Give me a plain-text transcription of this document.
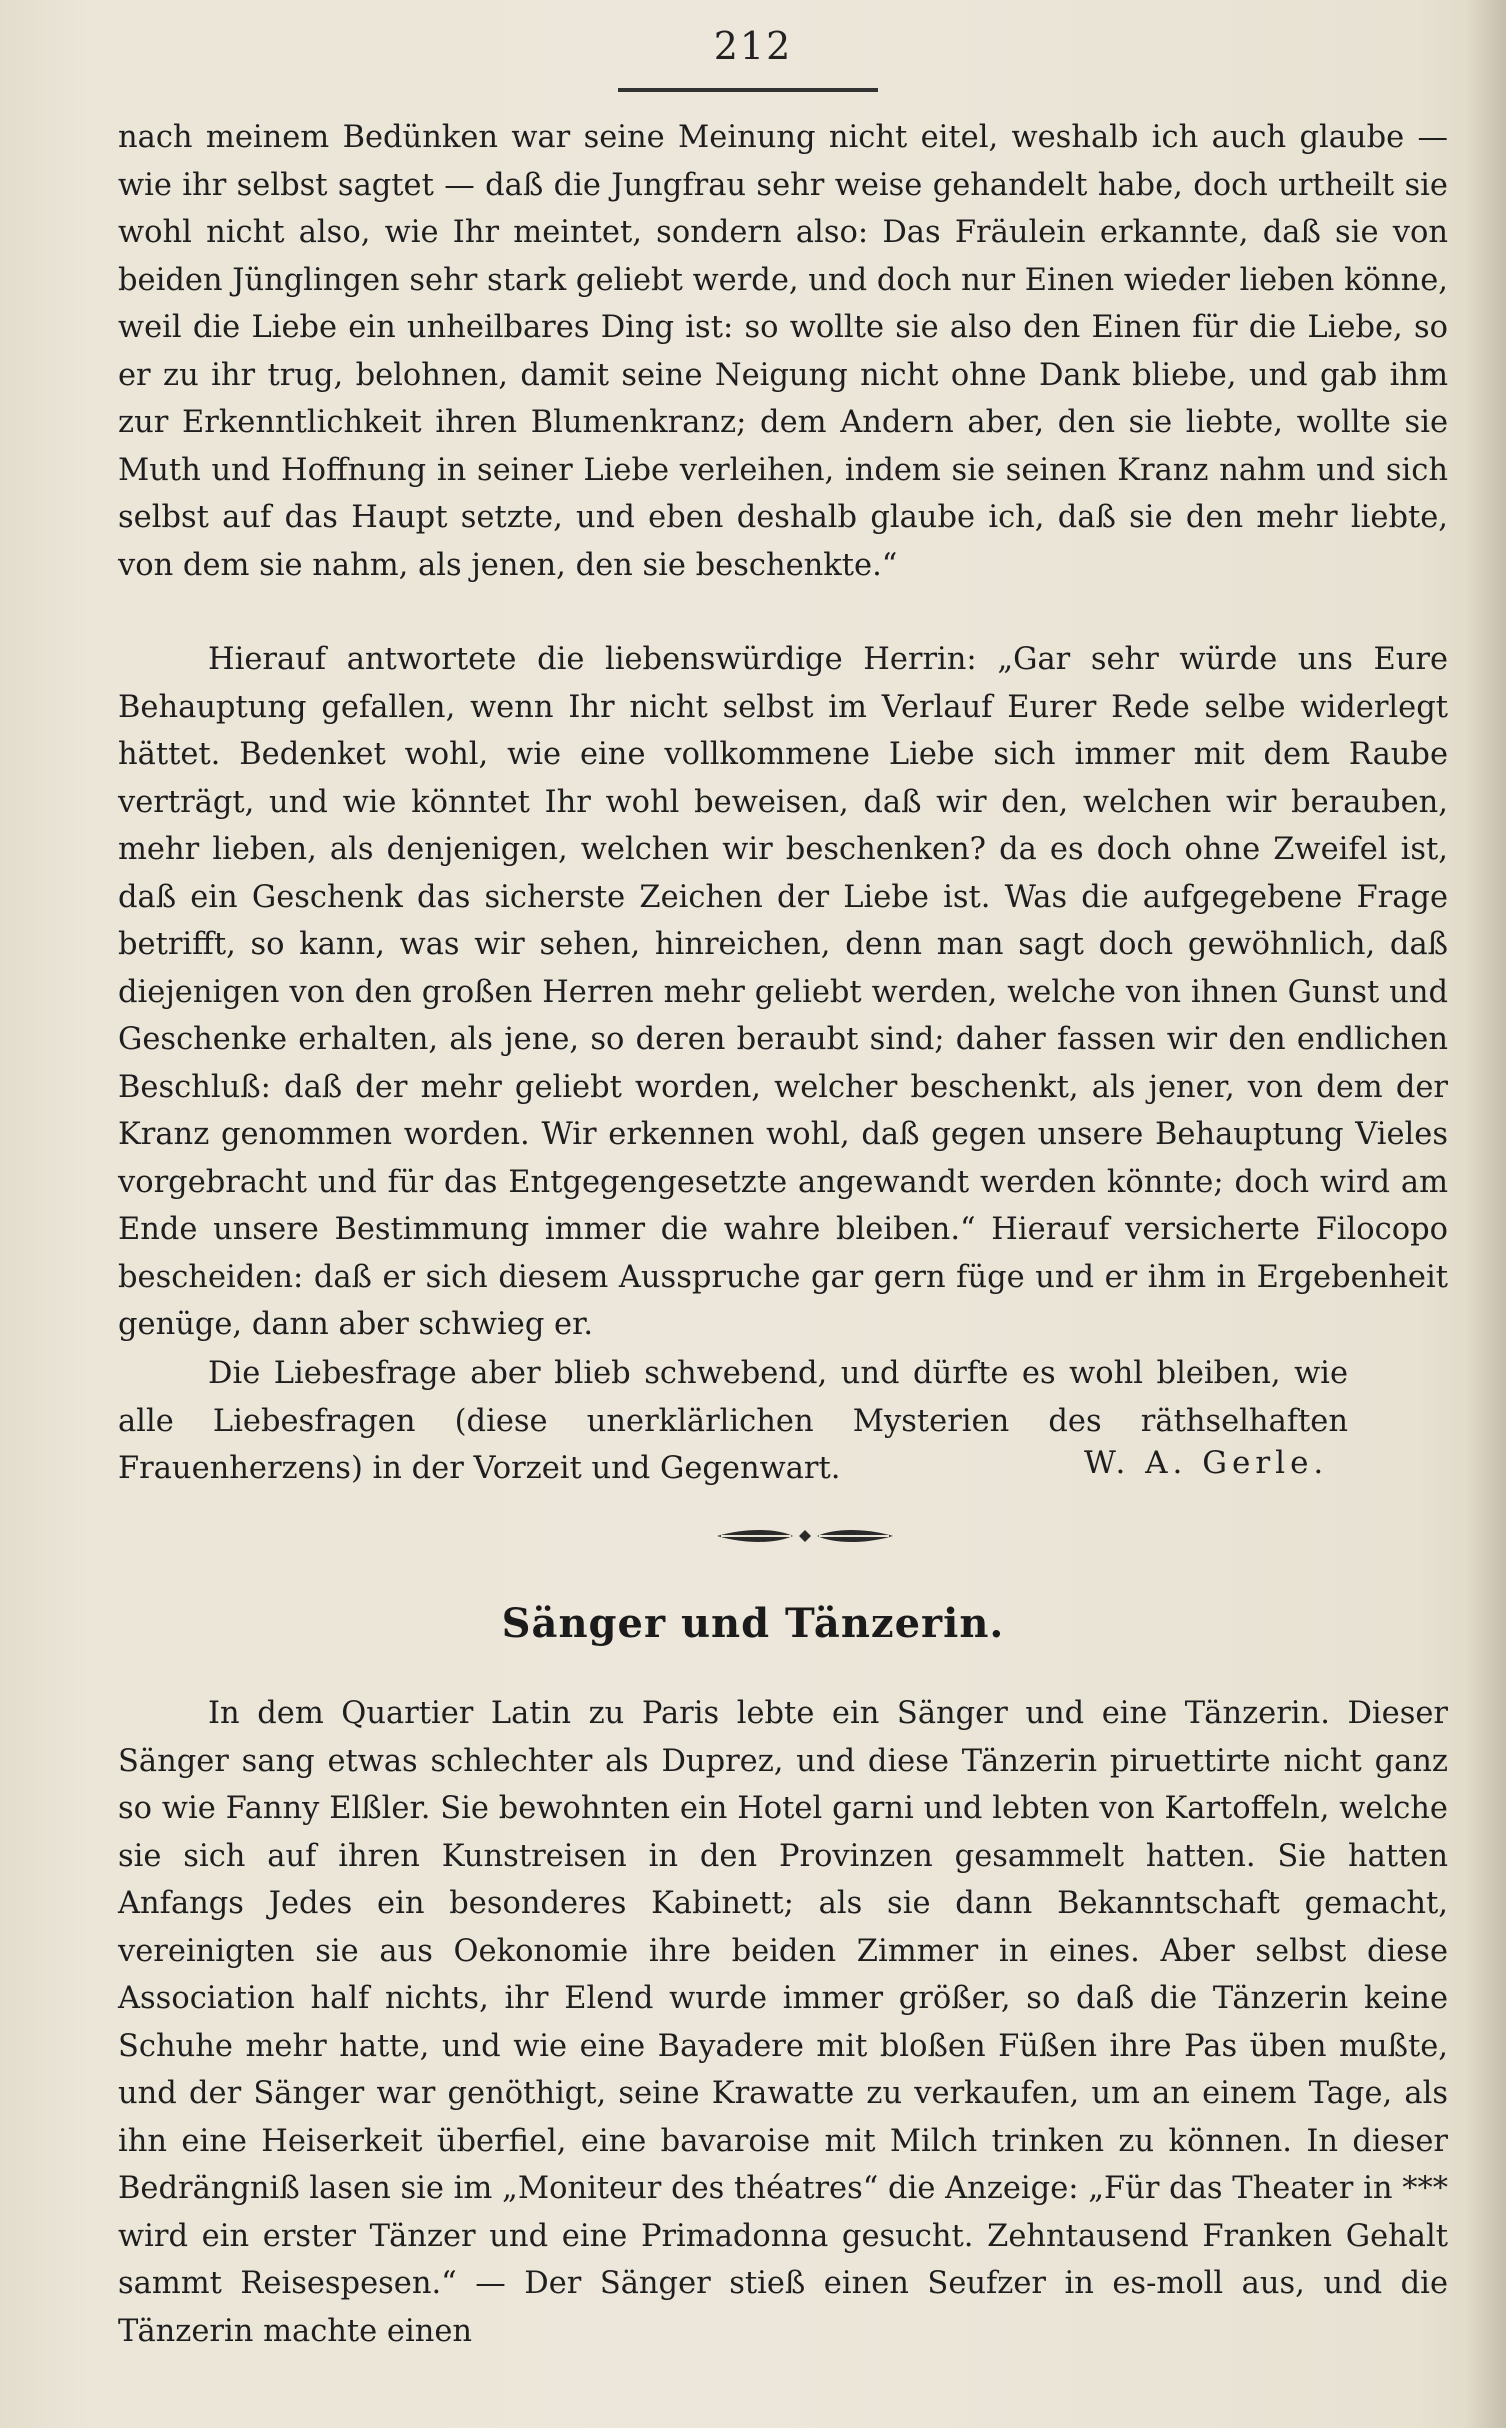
212

nach meinem Bedünken war seine Meinung nicht eitel, weshalb ich auch glaube — wie ihr selbst sagtet — daß die Jungfrau sehr weise gehandelt habe, doch urtheilt sie wohl nicht also, wie Ihr meintet, sondern also: Das Fräulein erkannte, daß sie von beiden Jünglingen sehr stark geliebt werde, und doch nur Einen wieder lieben könne, weil die Liebe ein unheilbares Ding ist: so wollte sie also den Einen für die Liebe, so er zu ihr trug, belohnen, damit seine Neigung nicht ohne Dank bliebe, und gab ihm zur Erkenntlichkeit ihren Blumenkranz; dem Andern aber, den sie liebte, wollte sie Muth und Hoffnung in seiner Liebe verleihen, indem sie seinen Kranz nahm und sich selbst auf das Haupt setzte, und eben deshalb glaube ich, daß sie den mehr liebte, von dem sie nahm, als jenen, den sie beschenkte.“

Hierauf antwortete die liebenswürdige Herrin: „Gar sehr würde uns Eure Behauptung gefallen, wenn Ihr nicht selbst im Verlauf Eurer Rede selbe widerlegt hättet. Bedenket wohl, wie eine vollkommene Liebe sich immer mit dem Raube verträgt, und wie könntet Ihr wohl beweisen, daß wir den, welchen wir berauben, mehr lieben, als denjenigen, welchen wir beschenken? da es doch ohne Zweifel ist, daß ein Geschenk das sicherste Zeichen der Liebe ist. Was die aufgegebene Frage betrifft, so kann, was wir sehen, hinreichen, denn man sagt doch gewöhnlich, daß diejenigen von den großen Herren mehr geliebt werden, welche von ihnen Gunst und Geschenke erhalten, als jene, so deren beraubt sind; daher fassen wir den endlichen Beschluß: daß der mehr geliebt worden, welcher beschenkt, als jener, von dem der Kranz genommen worden. Wir erkennen wohl, daß gegen unsere Behauptung Vieles vorgebracht und für das Entgegengesetzte angewandt werden könnte; doch wird am Ende unsere Bestimmung immer die wahre bleiben.“ Hierauf versicherte Filocopo bescheiden: daß er sich diesem Ausspruche gar gern füge und er ihm in Ergebenheit genüge, dann aber schwieg er.

Die Liebesfrage aber blieb schwebend, und dürfte es wohl bleiben, wie alle Liebesfragen (diese unerklärlichen Mysterien des räthselhaften Frauenherzens) in der Vorzeit und Gegenwart.	W. A. Gerle.
Sänger und Tänzerin.

In dem Quartier Latin zu Paris lebte ein Sänger und eine Tänzerin. Dieser Sänger sang etwas schlechter als Duprez, und diese Tänzerin piruettirte nicht ganz so wie Fanny Elßler. Sie bewohnten ein Hotel garni und lebten von Kartoffeln, welche sie sich auf ihren Kunstreisen in den Provinzen gesammelt hatten. Sie hatten Anfangs Jedes ein besonderes Kabinett; als sie dann Bekanntschaft gemacht, vereinigten sie aus Oekonomie ihre beiden Zimmer in eines. Aber selbst diese Association half nichts, ihr Elend wurde immer größer, so daß die Tänzerin keine Schuhe mehr hatte, und wie eine Bayadere mit bloßen Füßen ihre Pas üben mußte, und der Sänger war genöthigt, seine Krawatte zu verkaufen, um an einem Tage, als ihn eine Heiserkeit überfiel, eine bavaroise mit Milch trinken zu können. In dieser Bedrängniß lasen sie im „Moniteur des théatres“ die Anzeige: „Für das Theater in *** wird ein erster Tänzer und eine Primadonna gesucht. Zehntausend Franken Gehalt sammt Reisespesen.“ — Der Sänger stieß einen Seufzer in es-moll aus, und die Tänzerin machte einen
